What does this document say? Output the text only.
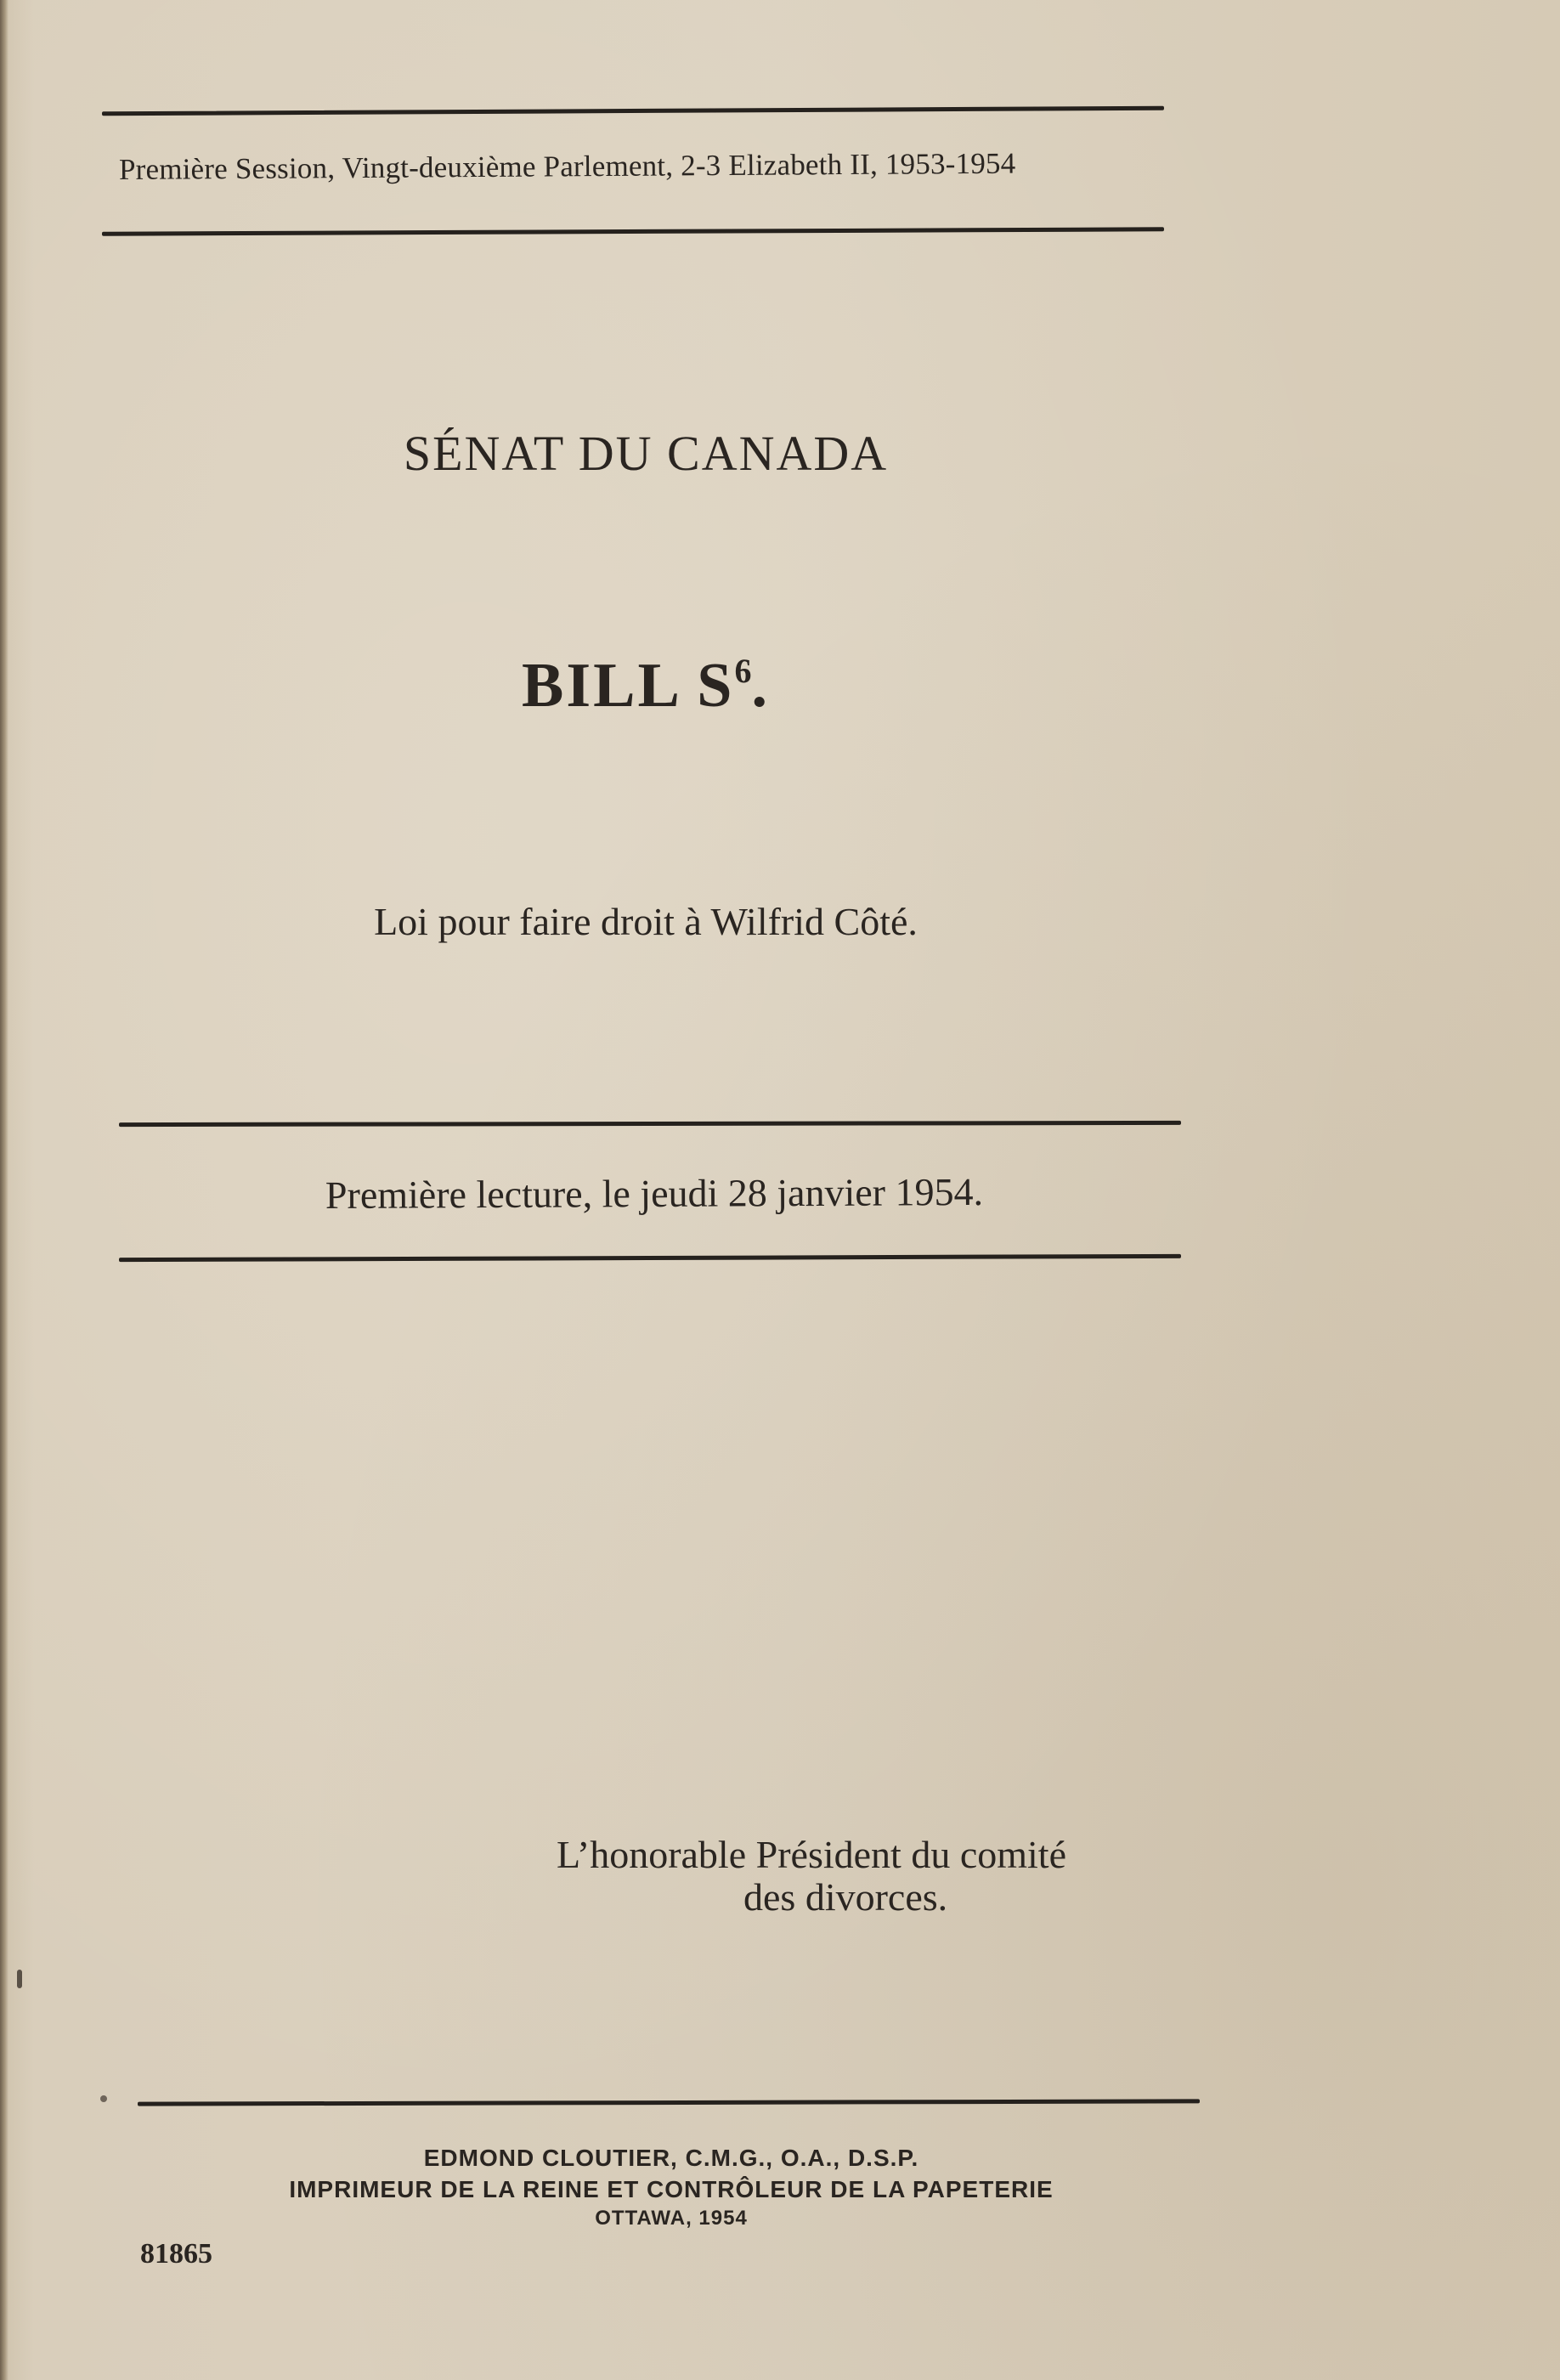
Première Session, Vingt-deuxième Parlement, 2-3 Elizabeth II, 1953-1954
SÉNAT DU CANADA
BILL $S^6$.
Loi pour faire droit à Wilfrid Côté.
Première lecture, le jeudi 28 janvier 1954.
L’honorable Président du comité
des divorces.
EDMOND CLOUTIER, C.M.G., O.A., D.S.P.
IMPRIMEUR DE LA REINE ET CONTRÔLEUR DE LA PAPETERIE
OTTAWA, 1954
81865
